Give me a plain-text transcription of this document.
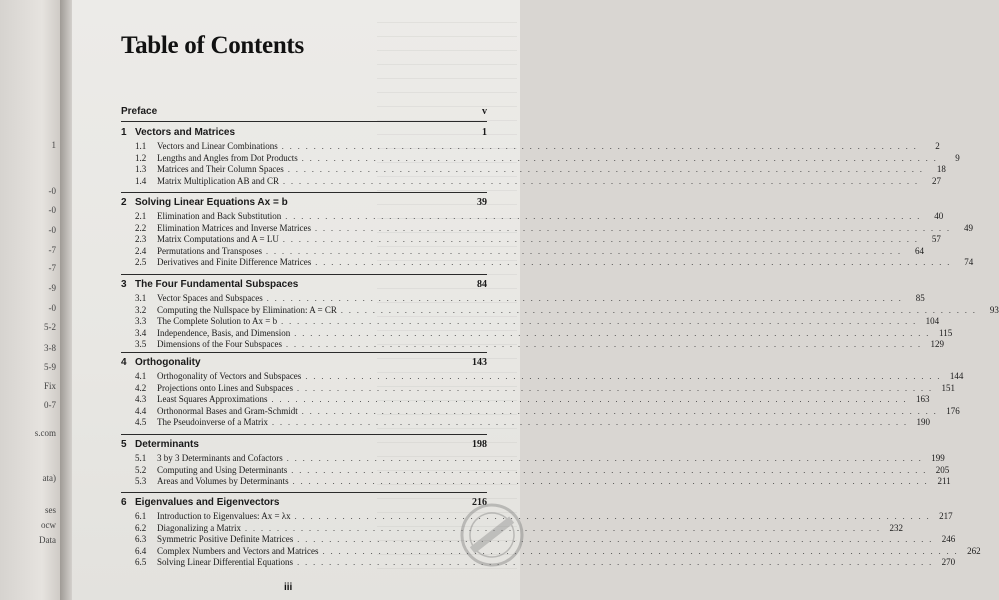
1
-0
-0
-0
-7
-7
-9
-0
5-2
3-8
5-9
Fix
0-7
s.com
ata)
ses
ocw
Data
Table of Contents
Preface	v
1 Vectors and Matrices	1
1.1	Vectors and Linear Combinations . . . . . . . . . . . . . . . . . . . . . . . . . . . . . . . . . . . . . . . . . . . . . . . . . . . . . . . . . . . . . . . . . . . . . . . . . . . . . . . .	2
1.2	Lengths and Angles from Dot Products . . . . . . . . . . . . . . . . . . . . . . . . . . . . . . . . . . . . . . . . . . . . . . . . . . . . . . . . . . . . . . . . . . . . . . . . . . . . . . . .	9
1.3	Matrices and Their Column Spaces . . . . . . . . . . . . . . . . . . . . . . . . . . . . . . . . . . . . . . . . . . . . . . . . . . . . . . . . . . . . . . . . . . . . . . . . . . . . . . . .	18
1.4	Matrix Multiplication AB and CR . . . . . . . . . . . . . . . . . . . . . . . . . . . . . . . . . . . . . . . . . . . . . . . . . . . . . . . . . . . . . . . . . . . . . . . . . . . . . . . .	27
2 Solving Linear Equations Ax = b	39
2.1	Elimination and Back Substitution . . . . . . . . . . . . . . . . . . . . . . . . . . . . . . . . . . . . . . . . . . . . . . . . . . . . . . . . . . . . . . . . . . . . . . . . . . . . . . . .	40
2.2	Elimination Matrices and Inverse Matrices . . . . . . . . . . . . . . . . . . . . . . . . . . . . . . . . . . . . . . . . . . . . . . . . . . . . . . . . . . . . . . . . . . . . . . . . . . . . . . . .	49
2.3	Matrix Computations and A = LU . . . . . . . . . . . . . . . . . . . . . . . . . . . . . . . . . . . . . . . . . . . . . . . . . . . . . . . . . . . . . . . . . . . . . . . . . . . . . . . .	57
2.4	Permutations and Transposes . . . . . . . . . . . . . . . . . . . . . . . . . . . . . . . . . . . . . . . . . . . . . . . . . . . . . . . . . . . . . . . . . . . . . . . . . . . . . . . .	64
2.5	Derivatives and Finite Difference Matrices . . . . . . . . . . . . . . . . . . . . . . . . . . . . . . . . . . . . . . . . . . . . . . . . . . . . . . . . . . . . . . . . . . . . . . . . . . . . . . . .	74
3 The Four Fundamental Subspaces	84
3.1	Vector Spaces and Subspaces . . . . . . . . . . . . . . . . . . . . . . . . . . . . . . . . . . . . . . . . . . . . . . . . . . . . . . . . . . . . . . . . . . . . . . . . . . . . . . . .	85
3.2	Computing the Nullspace by Elimination: A = CR . . . . . . . . . . . . . . . . . . . . . . . . . . . . . . . . . . . . . . . . . . . . . . . . . . . . . . . . . . . . . . . . . . . . . . . . . . . . . . . .	93
3.3	The Complete Solution to Ax = b . . . . . . . . . . . . . . . . . . . . . . . . . . . . . . . . . . . . . . . . . . . . . . . . . . . . . . . . . . . . . . . . . . . . . . . . . . . . . . . . 104
3.4	Independence, Basis, and Dimension . . . . . . . . . . . . . . . . . . . . . . . . . . . . . . . . . . . . . . . . . . . . . . . . . . . . . . . . . . . . . . . . . . . . . . . . . . . . . . . . 115
3.5	Dimensions of the Four Subspaces . . . . . . . . . . . . . . . . . . . . . . . . . . . . . . . . . . . . . . . . . . . . . . . . . . . . . . . . . . . . . . . . . . . . . . . . . . . . . . . . 129
4 Orthogonality	143
4.1	Orthogonality of Vectors and Subspaces . . . . . . . . . . . . . . . . . . . . . . . . . . . . . . . . . . . . . . . . . . . . . . . . . . . . . . . . . . . . . . . . . . . . . . . . . . . . . . . . 144
4.2	Projections onto Lines and Subspaces . . . . . . . . . . . . . . . . . . . . . . . . . . . . . . . . . . . . . . . . . . . . . . . . . . . . . . . . . . . . . . . . . . . . . . . . . . . . . . . . 151
4.3	Least Squares Approximations . . . . . . . . . . . . . . . . . . . . . . . . . . . . . . . . . . . . . . . . . . . . . . . . . . . . . . . . . . . . . . . . . . . . . . . . . . . . . . . . 163
4.4	Orthonormal Bases and Gram-Schmidt . . . . . . . . . . . . . . . . . . . . . . . . . . . . . . . . . . . . . . . . . . . . . . . . . . . . . . . . . . . . . . . . . . . . . . . . . . . . . . . . 176
4.5	The Pseudoinverse of a Matrix . . . . . . . . . . . . . . . . . . . . . . . . . . . . . . . . . . . . . . . . . . . . . . . . . . . . . . . . . . . . . . . . . . . . . . . . . . . . . . . . 190
5 Determinants	198
5.1	3 by 3 Determinants and Cofactors . . . . . . . . . . . . . . . . . . . . . . . . . . . . . . . . . . . . . . . . . . . . . . . . . . . . . . . . . . . . . . . . . . . . . . . . . . . . . . . . 199
5.2	Computing and Using Determinants . . . . . . . . . . . . . . . . . . . . . . . . . . . . . . . . . . . . . . . . . . . . . . . . . . . . . . . . . . . . . . . . . . . . . . . . . . . . . . . . 205
5.3	Areas and Volumes by Determinants . . . . . . . . . . . . . . . . . . . . . . . . . . . . . . . . . . . . . . . . . . . . . . . . . . . . . . . . . . . . . . . . . . . . . . . . . . . . . . . . 211
6 Eigenvalues and Eigenvectors	216
6.1	Introduction to Eigenvalues: Ax = λx . . . . . . . . . . . . . . . . . . . . . . . . . . . . . . . . . . . . . . . . . . . . . . . . . . . . . . . . . . . . . . . . . . . . . . . . . . . . . . . . 217
6.2	Diagonalizing a Matrix . . . . . . . . . . . . . . . . . . . . . . . . . . . . . . . . . . . . . . . . . . . . . . . . . . . . . . . . . . . . . . . . . . . . . . . . . . . . . . . . 232
6.3	Symmetric Positive Definite Matrices . . . . . . . . . . . . . . . . . . . . . . . . . . . . . . . . . . . . . . . . . . . . . . . . . . . . . . . . . . . . . . . . . . . . . . . . . . . . . . . . 246
6.4	Complex Numbers and Vectors and Matrices . . . . . . . . . . . . . . . . . . . . . . . . . . . . . . . . . . . . . . . . . . . . . . . . . . . . . . . . . . . . . . . . . . . . . . . . . . . . . . . . 262
6.5	Solving Linear Differential Equations . . . . . . . . . . . . . . . . . . . . . . . . . . . . . . . . . . . . . . . . . . . . . . . . . . . . . . . . . . . . . . . . . . . . . . . . . . . . . . . . 270
iii
